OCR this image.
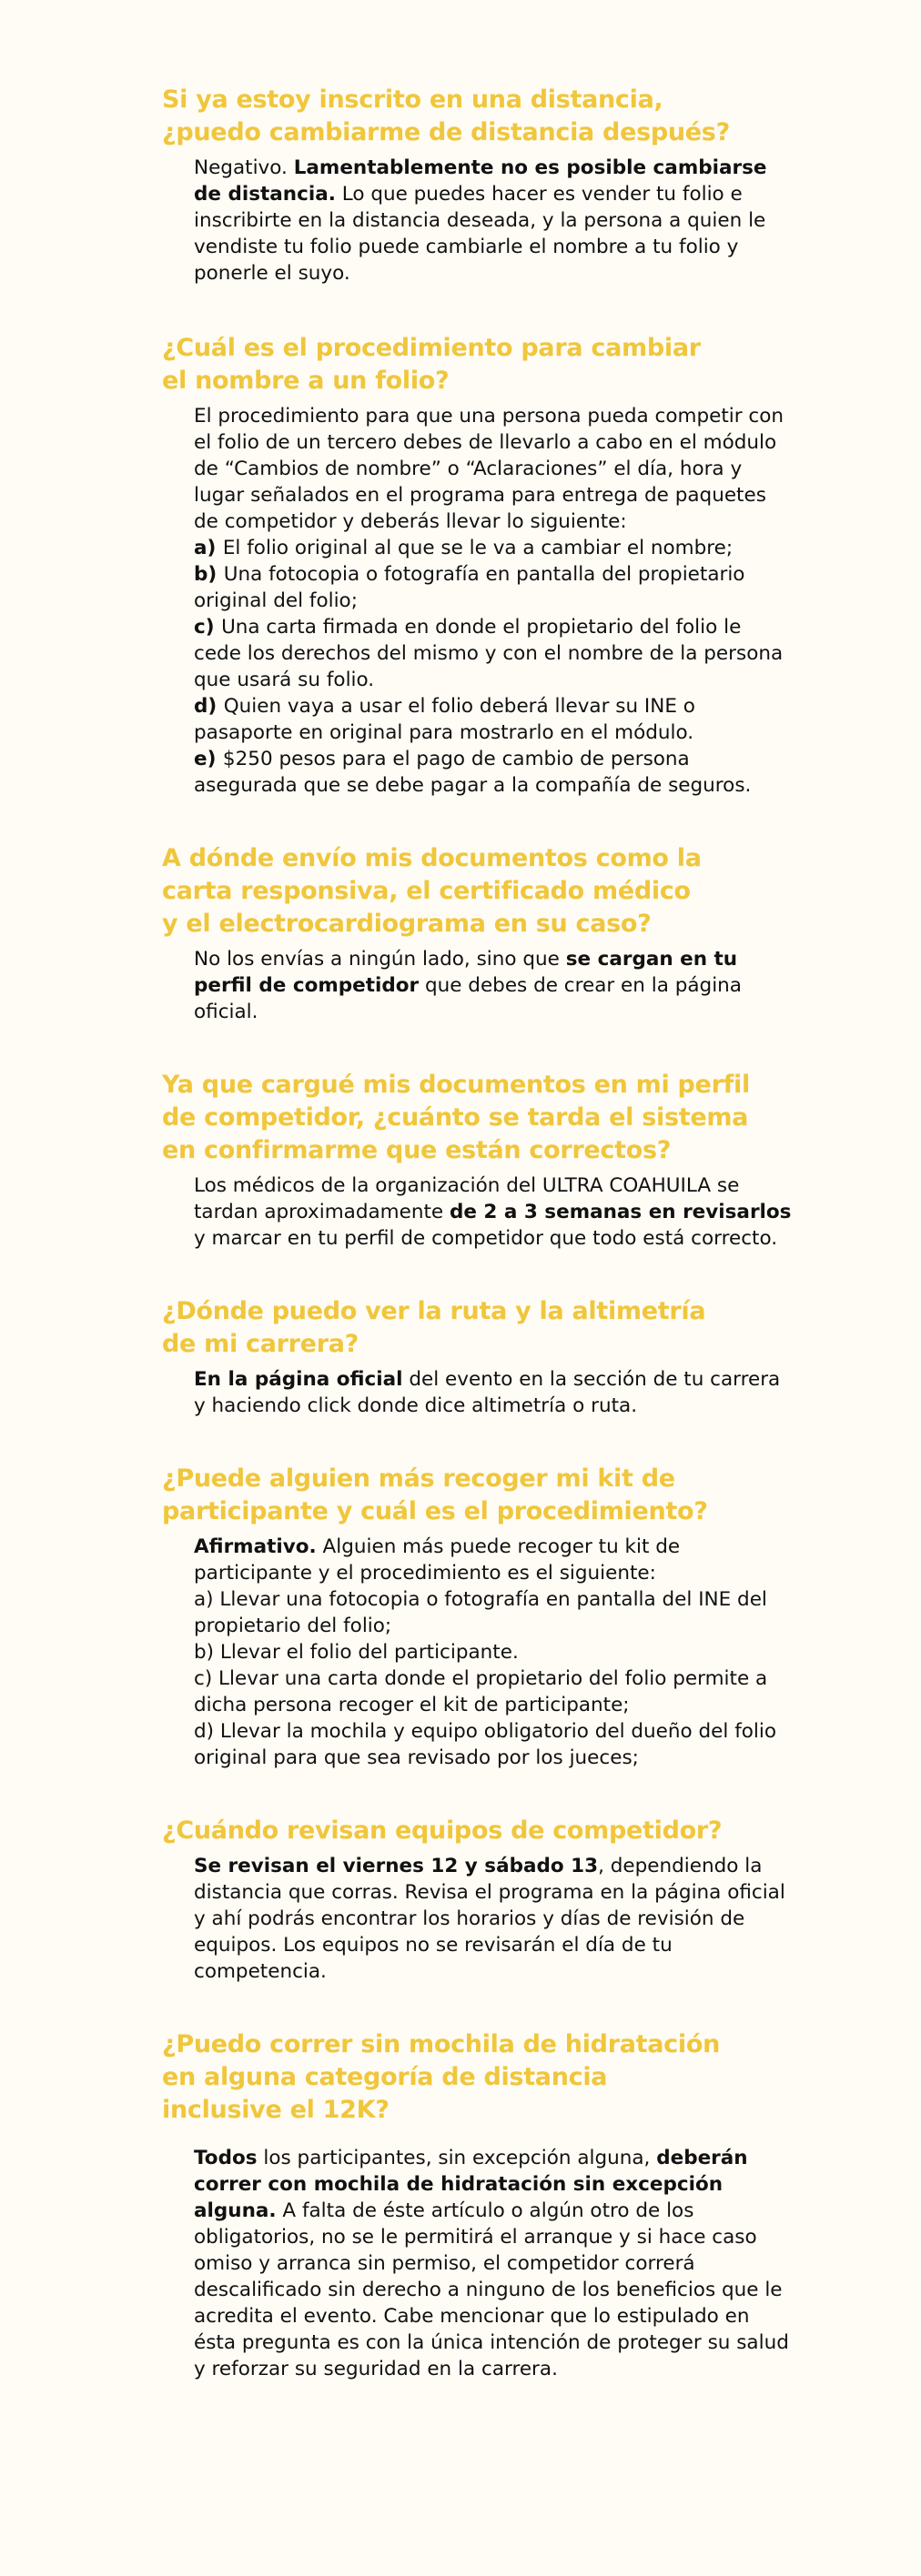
Si ya estoy inscrito en una distancia,
¿puedo cambiarme de distancia después?

Negativo. Lamentablemente no es posible cambiarse de distancia. Lo que puedes hacer es vender tu folio e inscribirte en la distancia deseada, y la persona a quien le vendiste tu folio puede cambiarle el nombre a tu folio y ponerle el suyo.

¿Cuál es el procedimiento para cambiar
el nombre a un folio?

El procedimiento para que una persona pueda competir con el folio de un tercero debes de llevarlo a cabo en el módulo de “Cambios de nombre” o “Aclaraciones” el día, hora y lugar señalados en el programa para entrega de paquetes de competidor y deberás llevar lo siguiente:

a) El folio original al que se le va a cambiar el nombre;

b) Una fotocopia o fotografía en pantalla del propietario original del folio;

c) Una carta firmada en donde el propietario del folio le cede los derechos del mismo y con el nombre de la persona que usará su folio.

d) Quien vaya a usar el folio deberá llevar su INE o pasaporte en original para mostrarlo en el módulo.

e) $250 pesos para el pago de cambio de persona asegurada que se debe pagar a la compañía de seguros.

A dónde envío mis documentos como la
carta responsiva, el certificado médico
y el electrocardiograma en su caso?

No los envías a ningún lado, sino que se cargan en tu perfil de competidor que debes de crear en la página oficial.

Ya que cargué mis documentos en mi perfil
de competidor, ¿cuánto se tarda el sistema
en confirmarme que están correctos?

Los médicos de la organización del ULTRA COAHUILA se tardan aproximadamente de 2 a 3 semanas en revisarlos y marcar en tu perfil de competidor que todo está correcto.

¿Dónde puedo ver la ruta y la altimetría
de mi carrera?

En la página oficial del evento en la sección de tu carrera y haciendo click donde dice altimetría o ruta.

¿Puede alguien más recoger mi kit de
participante y cuál es el procedimiento?

Afirmativo. Alguien más puede recoger tu kit de participante y el procedimiento es el siguiente:

a) Llevar una fotocopia o fotografía en pantalla del INE del propietario del folio;

b) Llevar el folio del participante.

c) Llevar una carta donde el propietario del folio permite a dicha persona recoger el kit de participante;

d) Llevar la mochila y equipo obligatorio del dueño del folio original para que sea revisado por los jueces;

¿Cuándo revisan equipos de competidor?

Se revisan el viernes 12 y sábado 13, dependiendo la distancia que corras. Revisa el programa en la página oficial y ahí podrás encontrar los horarios y días de revisión de equipos. Los equipos no se revisarán el día de tu competencia.

¿Puedo correr sin mochila de hidratación
en alguna categoría de distancia
inclusive el 12K?

Todos los participantes, sin excepción alguna, deberán correr con mochila de hidratación sin excepción alguna. A falta de éste artículo o algún otro de los obligatorios, no se le permitirá el arranque y si hace caso omiso y arranca sin permiso, el competidor correrá descalificado sin derecho a ninguno de los beneficios que le acredita el evento. Cabe mencionar que lo estipulado en ésta pregunta es con la única intención de proteger su salud y reforzar su seguridad en la carrera.
